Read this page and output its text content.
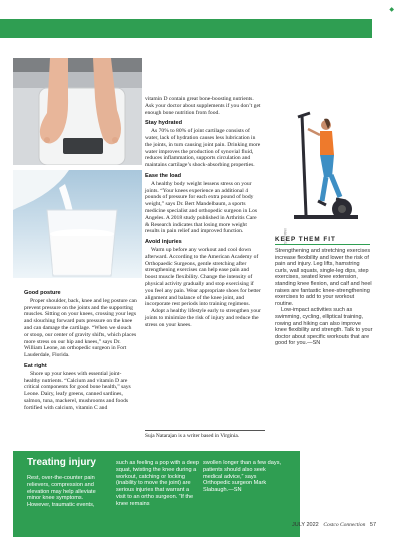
◆
Good posture

Proper shoulder, back, knee and leg posture can prevent pressure on the joints and the supporting muscles. Sitting on your knees, crossing your legs and slouching forward puts pressure on the knee and can damage the cartilage. “When we slouch or stoop, our center of gravity shifts, which places more stress on our hip and knees,” says Dr. William Leone, an orthopedic surgeon in Fort Lauderdale, Florida.

Eat right

Shore up your knees with essential joint-healthy nutrients. “Calcium and vitamin D are critical components for good bone health,” says Leone. Dairy, leafy greens, canned sardines, salmon, tuna, mackerel, mushrooms and foods fortified with calcium, vitamin C and

vitamin D contain great bone-boosting nutrients. Ask your doctor about supplements if you don’t get enough bone nutrition from food.

Stay hydrated

As 70% to 80% of joint cartilage consists of water, lack of hydration causes less lubrication in the joints, in turn causing joint pain. Drinking more water improves the production of synovial fluid, reduces inflammation, supports circulation and maintains cartilage’s shock-absorbing properties.

Ease the load

A healthy body weight lessens stress on your joints. “Your knees experience an additional 4 pounds of pressure for each extra pound of body weight,” says Dr. Bert Mandelbaum, a sports medicine specialist and orthopedic surgeon in Los Angeles. A 2018 study published in Arthritis Care & Research indicates that losing more weight results in pain relief and improved function.

Avoid injuries

Warm up before any workout and cool down afterward. According to the American Academy of Orthopaedic Surgeons, gentle stretching after strengthening exercises can help ease pain and boost muscle flexibility. Change the intensity of physical activity gradually and stop exercising if you feel any pain. Wear appropriate shoes for better alignment and balance of the knee joint, and incorporate rest periods into training regimens.

Adopt a healthy lifestyle early to strengthen your joints to minimize the risk of injury and reduce the stress on your knees.

Suja Natarajan is a writer based in Virginia.
KEEP THEM FIT

Strengthening and stretching exercises increase flexibility and lower the risk of pain and injury. Leg lifts, hamstring curls, wall squats, single-leg dips, step exercises, seated knee extension, standing knee flexion, and calf and heel raises are fantastic knee-strengthening exercises to add to your workout routine.

Low-impact activities such as swimming, cycling, elliptical training, rowing and hiking can also improve knee flexibility and strength. Talk to your doctor about specific workouts that are good for you.—SN

Treating injury
Rest, over-the-counter pain relievers, compression and elevation may help alleviate minor knee symptoms. However, traumatic events,
such as feeling a pop with a deep squat, twisting the knee during a workout, catching or locking (inability to move the joint) are serious injuries that warrant a visit to an ortho surgeon. “If the knee remains
swollen longer than a few days, patients should also seek medical advice,” says Orthopedic surgeon Mark Slabaugh.—SN
JULY 2022 Costco Connection 57
